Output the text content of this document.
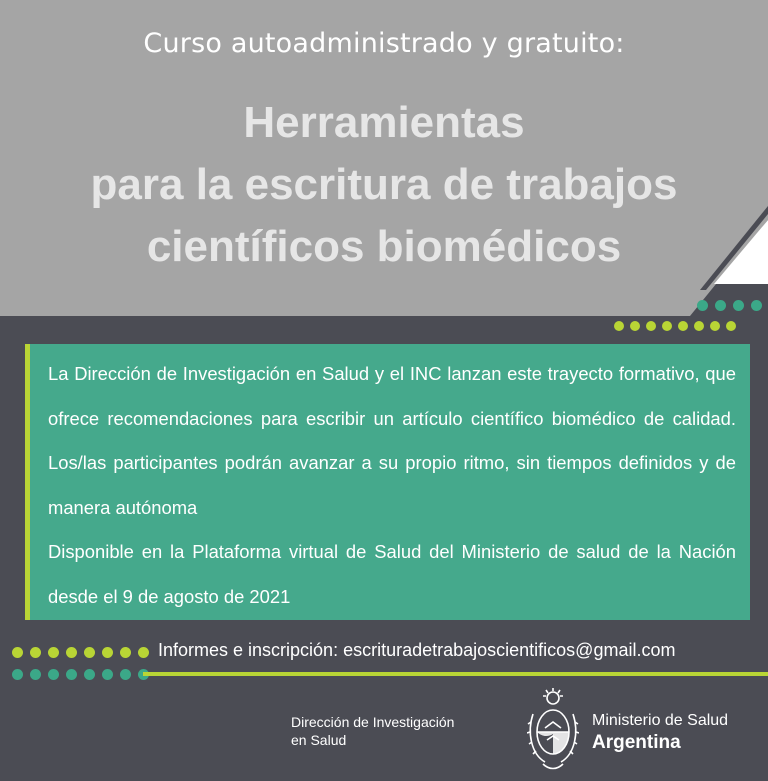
Curso autoadministrado y gratuito:
Herramientas
para la escritura de trabajos
científicos biomédicos

La Dirección de Investigación en Salud y el INC lanzan este trayecto formativo, que ofrece recomendaciones para escribir un artículo científico biomédico de calidad. Los/las participantes podrán avanzar a su propio ritmo, sin tiempos definidos y de manera autónoma

Disponible en la Plataforma virtual de Salud del Ministerio de salud de la Nación desde el 9 de agosto de 2021

Informes e inscripción: escrituradetrabajoscientificos@gmail.com
Dirección de Investigación
en Salud
Ministerio de Salud
Argentina
